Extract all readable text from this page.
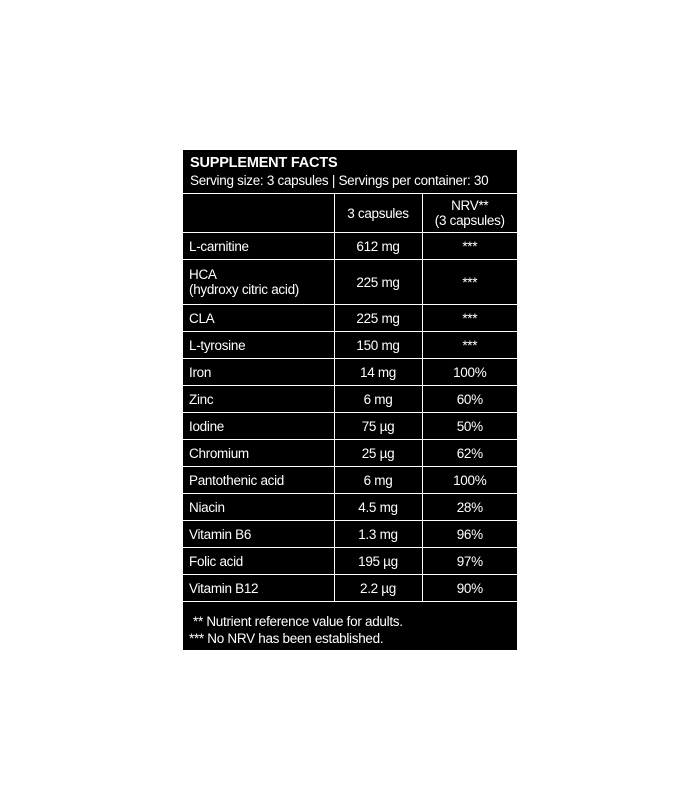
SUPPLEMENT FACTS
Serving size: 3 capsules | Servings per container: 30
	3 capsules	NRV**
(3 capsules)

L-carnitine	612 mg	***

HCA
(hydroxy citric acid)	225 mg	***
CLA	225 mg	***
L-tyrosine	150 mg	***
Iron	14 mg	100%
Zinc	6 mg	60%
Iodine	75 µg	50%
Chromium	25 µg	62%
Pantothenic acid	6 mg	100%
Niacin	4.5 mg	28%
Vitamin B6	1.3 mg	96%
Folic acid	195 µg	97%
Vitamin B12	2.2 µg	90%
** Nutrient reference value for adults.
*** No NRV has been established.
